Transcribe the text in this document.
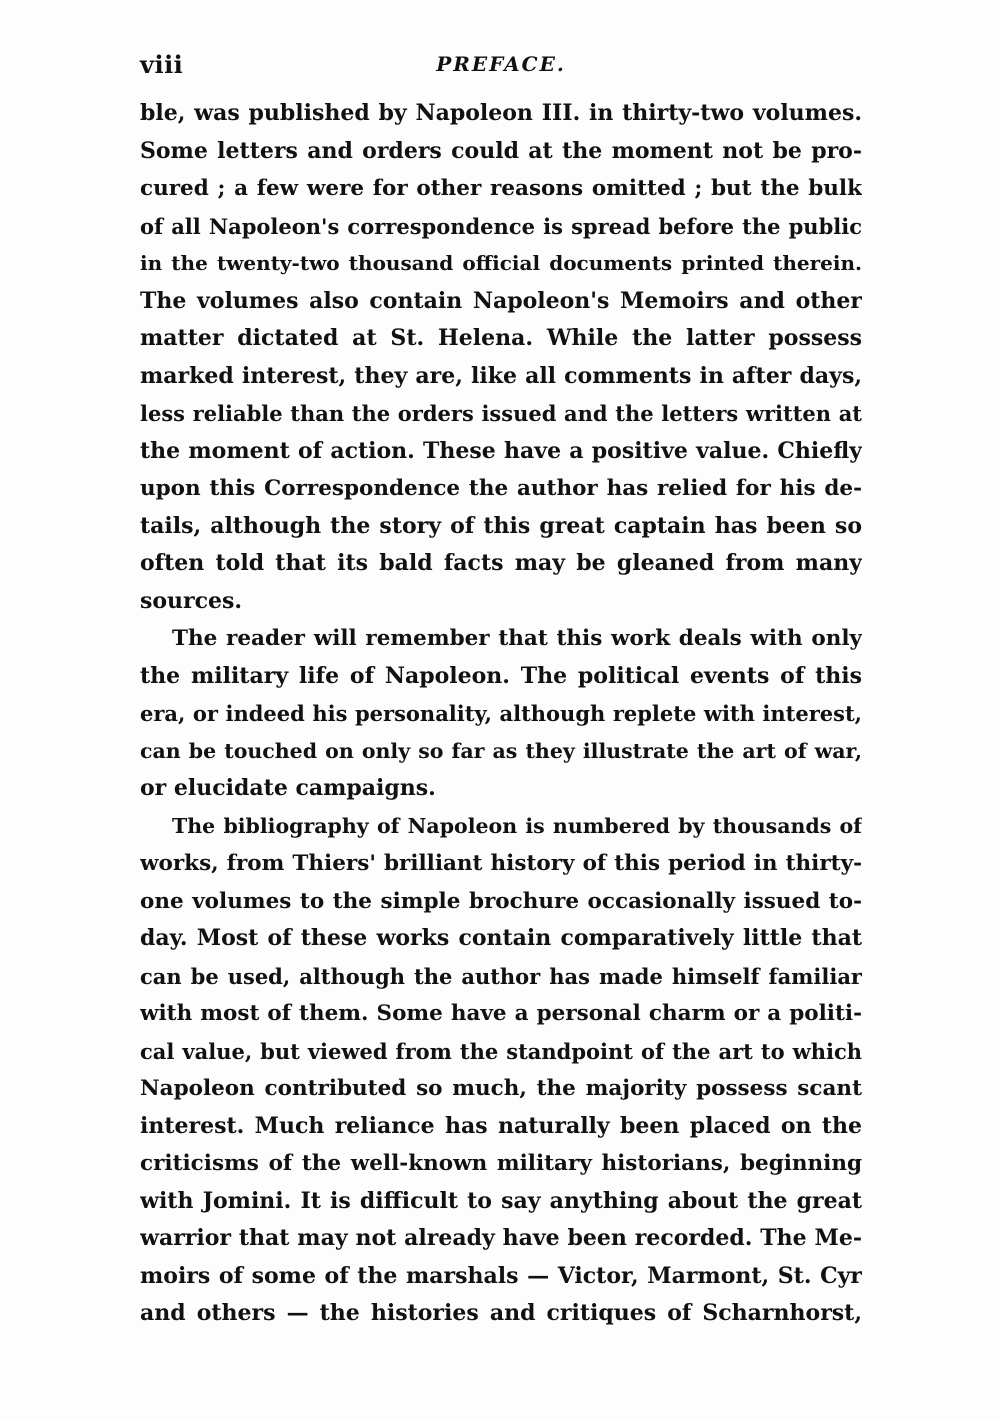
viii	PREFACE.
ble, was published by Napoleon III. in thirty-two volumes.
Some letters and orders could at the moment not be pro-
cured ; a few were for other reasons omitted ; but the bulk
of all Napoleon's correspondence is spread before the public
in the twenty-two thousand official documents printed therein.
The volumes also contain Napoleon's Memoirs and other
matter dictated at St. Helena. While the latter possess
marked interest, they are, like all comments in after days,
less reliable than the orders issued and the letters written at
the moment of action. These have a positive value. Chiefly
upon this Correspondence the author has relied for his de-
tails, although the story of this great captain has been so
often told that its bald facts may be gleaned from many
sources.
The reader will remember that this work deals with only
the military life of Napoleon. The political events of this
era, or indeed his personality, although replete with interest,
can be touched on only so far as they illustrate the art of war,
or elucidate campaigns.
The bibliography of Napoleon is numbered by thousands of
works, from Thiers' brilliant history of this period in thirty-
one volumes to the simple brochure occasionally issued to-
day. Most of these works contain comparatively little that
can be used, although the author has made himself familiar
with most of them. Some have a personal charm or a politi-
cal value, but viewed from the standpoint of the art to which
Napoleon contributed so much, the majority possess scant
interest. Much reliance has naturally been placed on the
criticisms of the well-known military historians, beginning
with Jomini. It is difficult to say anything about the great
warrior that may not already have been recorded. The Me-
moirs of some of the marshals — Victor, Marmont, St. Cyr
and others — the histories and critiques of Scharnhorst,
